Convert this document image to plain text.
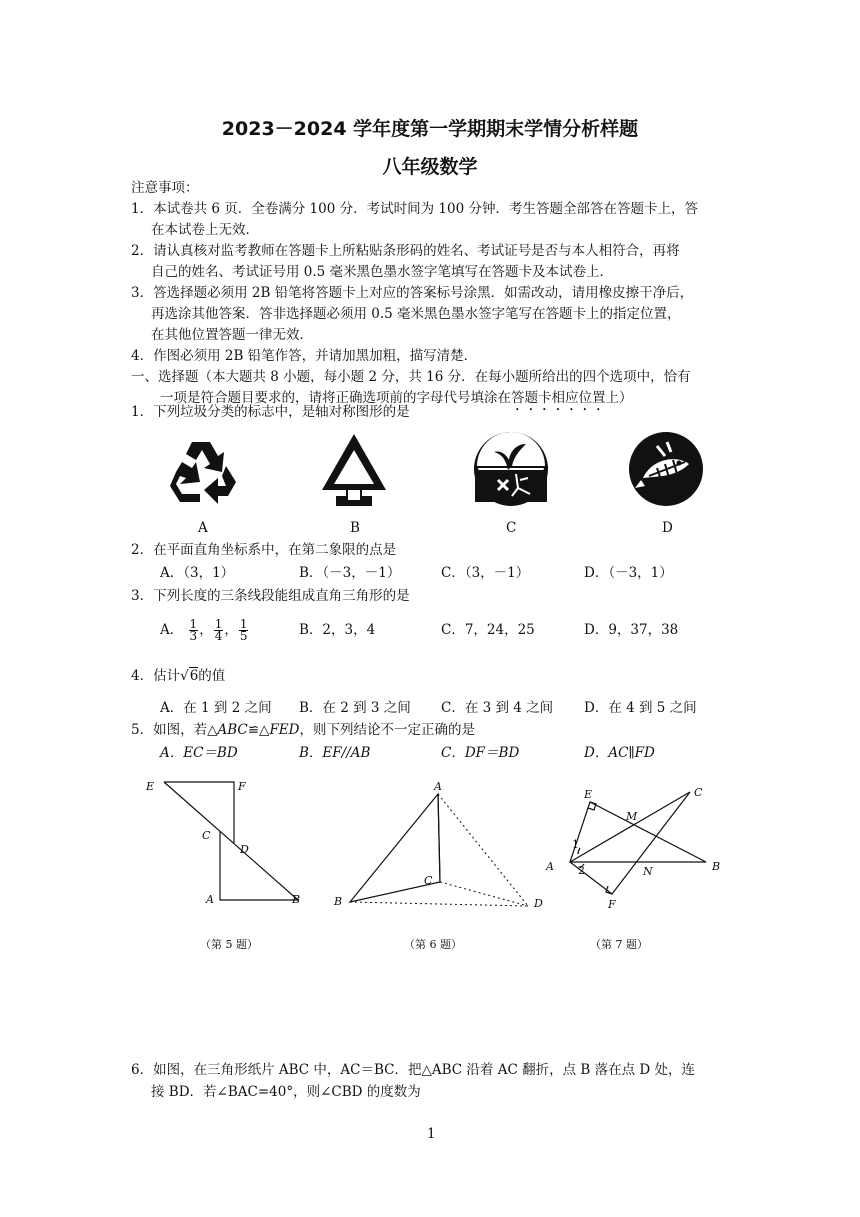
2023－2024 学年度第一学期期末学情分析样题
八年级数学
注意事项：
1．本试卷共 6 页．全卷满分 100 分．考试时间为 100 分钟．考生答题全部答在答题卡上，答
在本试卷上无效．
2．请认真核对监考教师在答题卡上所粘贴条形码的姓名、考试证号是否与本人相符合，再将
自己的姓名、考试证号用 0.5 毫米黑色墨水签字笔填写在答题卡及本试卷上．
3．答选择题必须用 2B 铅笔将答题卡上对应的答案标号涂黑．如需改动，请用橡皮擦干净后，
再选涂其他答案．答非选择题必须用 0.5 毫米黑色墨水签字笔写在答题卡上的指定位置，
在其他位置答题一律无效．
4．作图必须用 2B 铅笔作答，并请加黑加粗，描写清楚．
一、选择题（本大题共 8 小题，每小题 2 分，共 16 分．在每小题所给出的四个选项中，恰有
一项是符合题目要求的，请将正确选项前的字母代号填涂在答题卡相应位置上）
1．下列垃圾分类的标志中，是轴对称图形的是
A	B	C	D
2．在平面直角坐标系中，在第二象限的点是
A．（3，1）	B．（－3，－1）	C．（3，－1）	D．（－3，1）
3．下列长度的三条线段能组成直角三角形的是
A． $\frac{1}{3}$ ， $\frac{1}{4}$ ， $\frac{1}{5}$	B．2，3，4	C．7，24，25	D．9，37，38
4．估计√6的值
A．在 1 到 2 之间 B．在 2 到 3 之间 C．在 3 到 4 之间 D．在 4 到 5 之间
5．如图，若△ABC≌△FED，则下列结论不一定正确的是
A．EC＝BD	B．EF//AB	C．DF＝BD	D．AC∥FD
E	F
C
D
A	B
（第 5 题）
A
C
B	D
（第 6 题）
E	C
M
1
A 2	N	B
F
（第 7 题）
6．如图，在三角形纸片 ABC 中，AC＝BC．把△ABC 沿着 AC 翻折，点 B 落在点 D 处，连
接 BD．若∠BAC=40°，则∠CBD 的度数为
1
